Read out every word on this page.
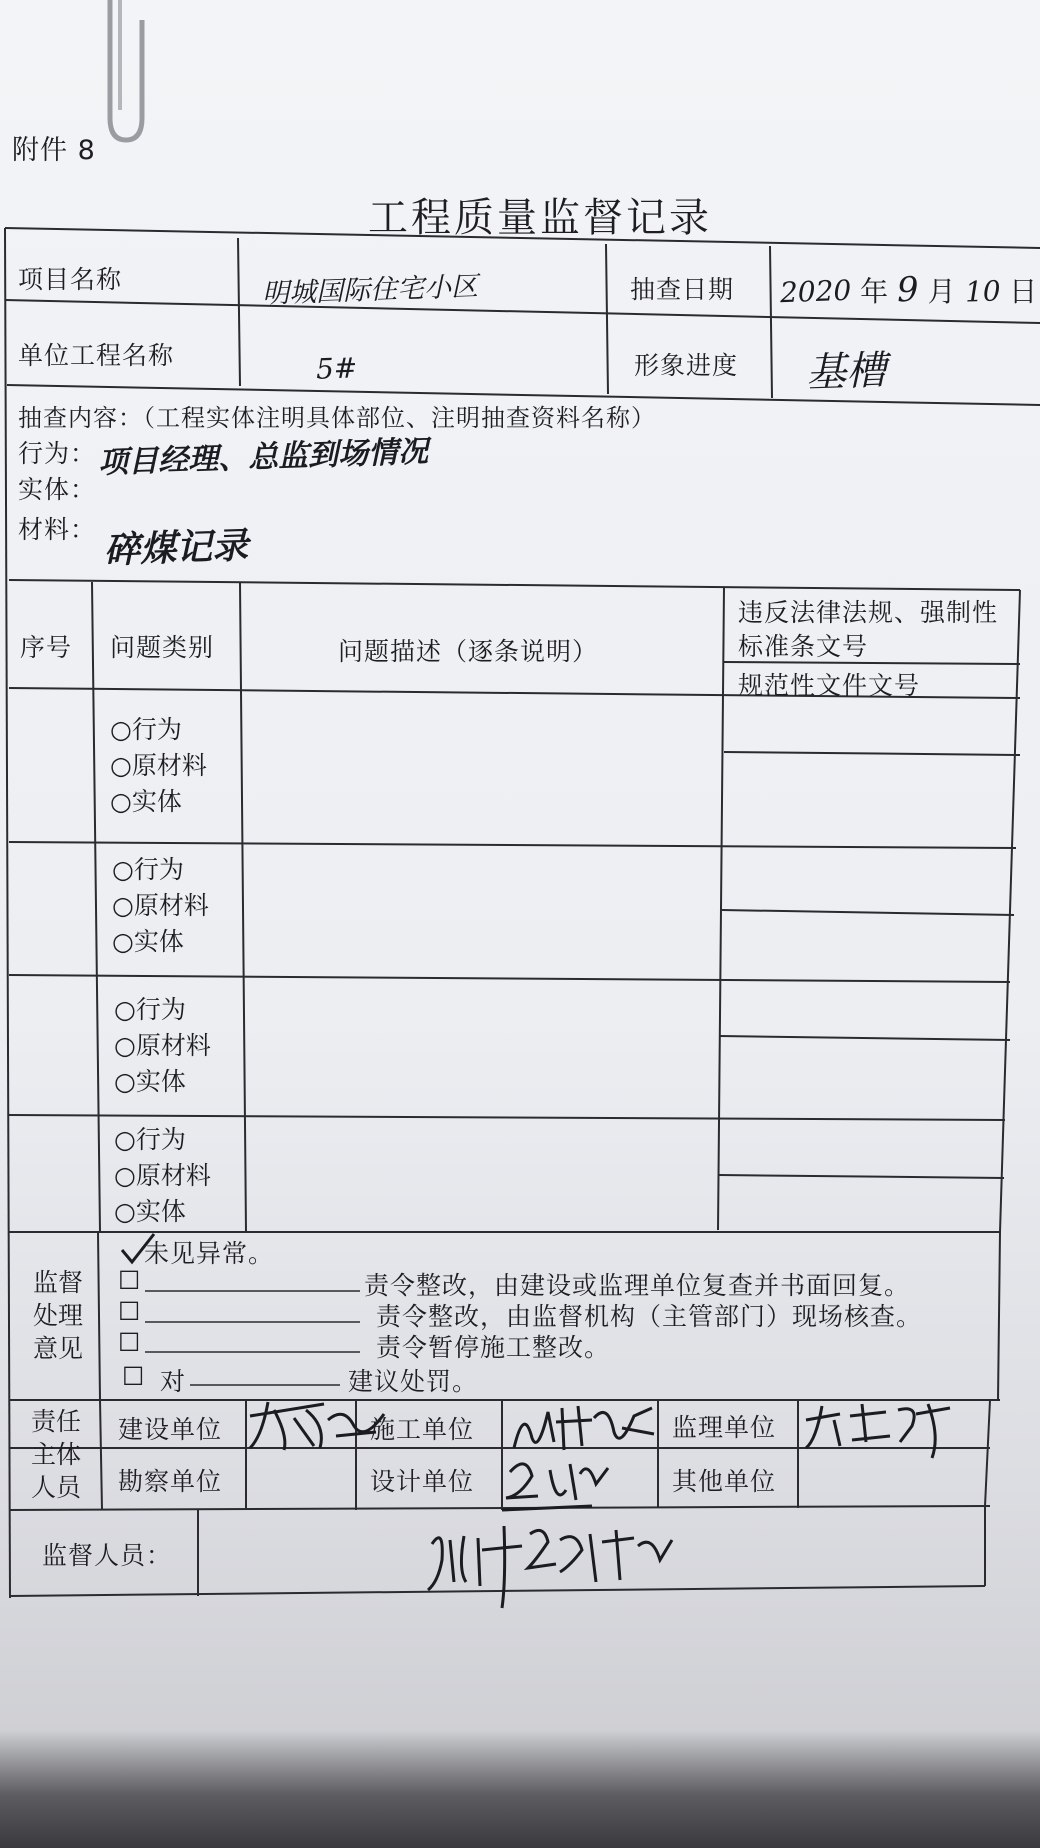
附件 8
工程质量监督记录
项目名称	明城国际住宅小区	抽查日期 2020 年 9 月 10 日
单位工程名称	5#	形象进度 基槽
抽查内容：（工程实体注明具体部位、注明抽查资料名称）
行为： 项目经理、总监到场情况
实体：
材料： 碎煤记录
序号 问题类别	问题描述（逐条说明）
违反法律法规、强制性标准条文号
规范性文件文号
○行为
○原材料
○实体
○行为
○原材料
○实体
○行为
○原材料
○实体
○行为
○原材料
○实体
监督
处理
意见
未见异常。
☐	责令整改，由建设或监理单位复查并书面回复。
☐	责令整改，由监督机构（主管部门）现场核查。
☐	责令暂停施工整改。
☐ 对	建议处罚。
责任
主体
人员
建设单位	施工单位	监理单位
勘察单位	设计单位	其他单位
监督人员：
